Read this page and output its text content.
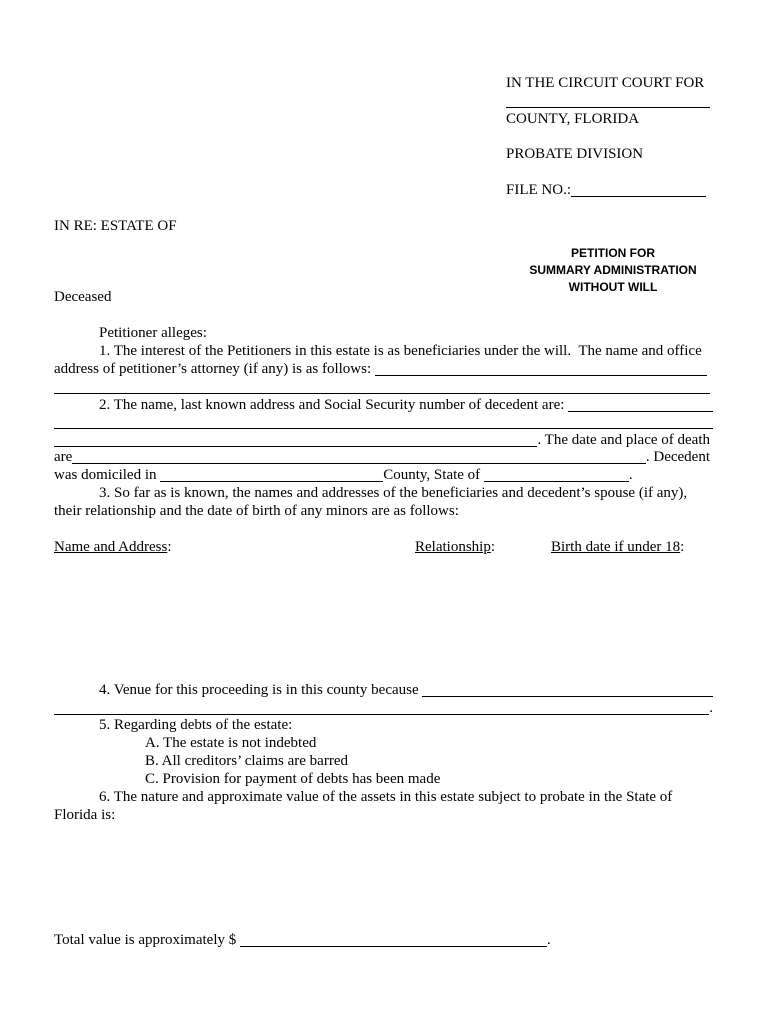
IN THE CIRCUIT COURT FOR
COUNTY, FLORIDA
PROBATE DIVISION
FILE NO.:
IN RE: ESTATE OF
PETITION FOR
SUMMARY ADMINISTRATION
WITHOUT WILL
Deceased
Petitioner alleges:
1. The interest of the Petitioners in this estate is as beneficiaries under the will.  The name and office
address of petitioner’s attorney (if any) is as follows:
2. The name, last known address and Social Security number of decedent are:
. The date and place of death
are	. Decedent
was domiciled in	County, State of	.
3. So far as is known, the names and addresses of the beneficiaries and decedent’s spouse (if any),
their relationship and the date of birth of any minors are as follows:
Name and Address :	Relationship :	Birth date if under 18 :
4. Venue for this proceeding is in this county because
.
5. Regarding debts of the estate:
A. The estate is not indebted
B. All creditors’ claims are barred
C. Provision for payment of debts has been made
6. The nature and approximate value of the assets in this estate subject to probate in the State of
Florida is:
Total value is approximately $	.
